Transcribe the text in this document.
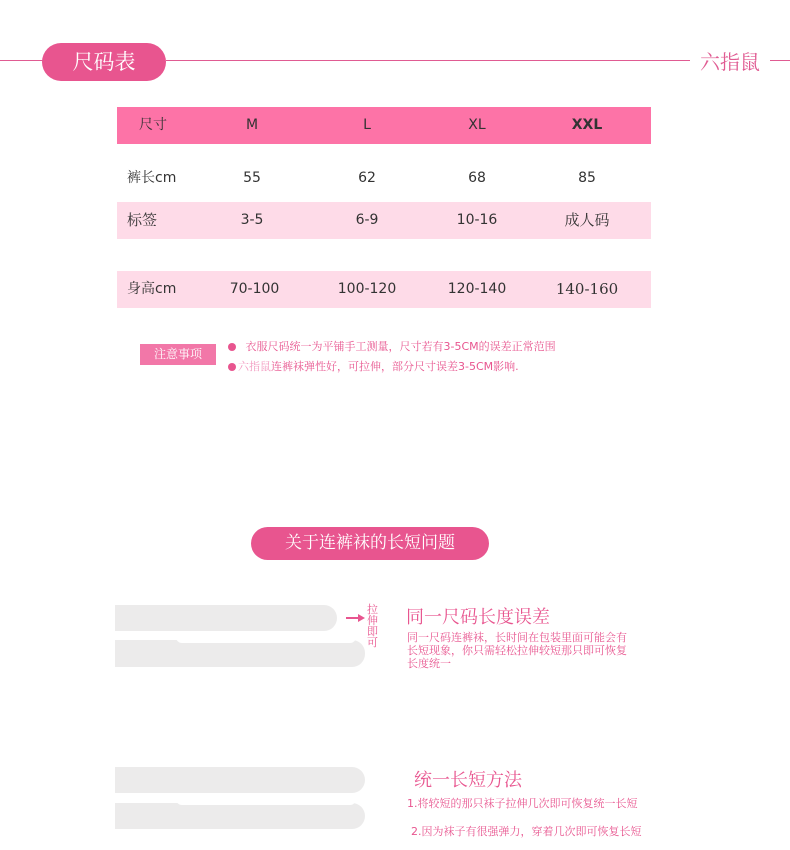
尺码表	六指鼠
尺寸	M	L	XL	XXL
裤长cm	55	62	68	85
标签	3-5	6-9	10-16	成人码
身高cm	70-100	100-120	120-140	140-160
注意事项
衣服尺码统一为平铺手工测量，尺寸若有3-5CM的误差正常范围
六指鼠连裤袜弹性好，可拉伸，部分尺寸误差3-5CM影响.
关于连裤袜的长短问题
拉
伸
即
可
同一尺码长度误差
同一尺码连裤袜，长时间在包装里面可能会有
长短现象，你只需轻松拉伸较短那只即可恢复
长度统一
统一长短方法
1.将较短的那只袜子拉伸几次即可恢复统一长短
2.因为袜子有很强弹力，穿着几次即可恢复长短
